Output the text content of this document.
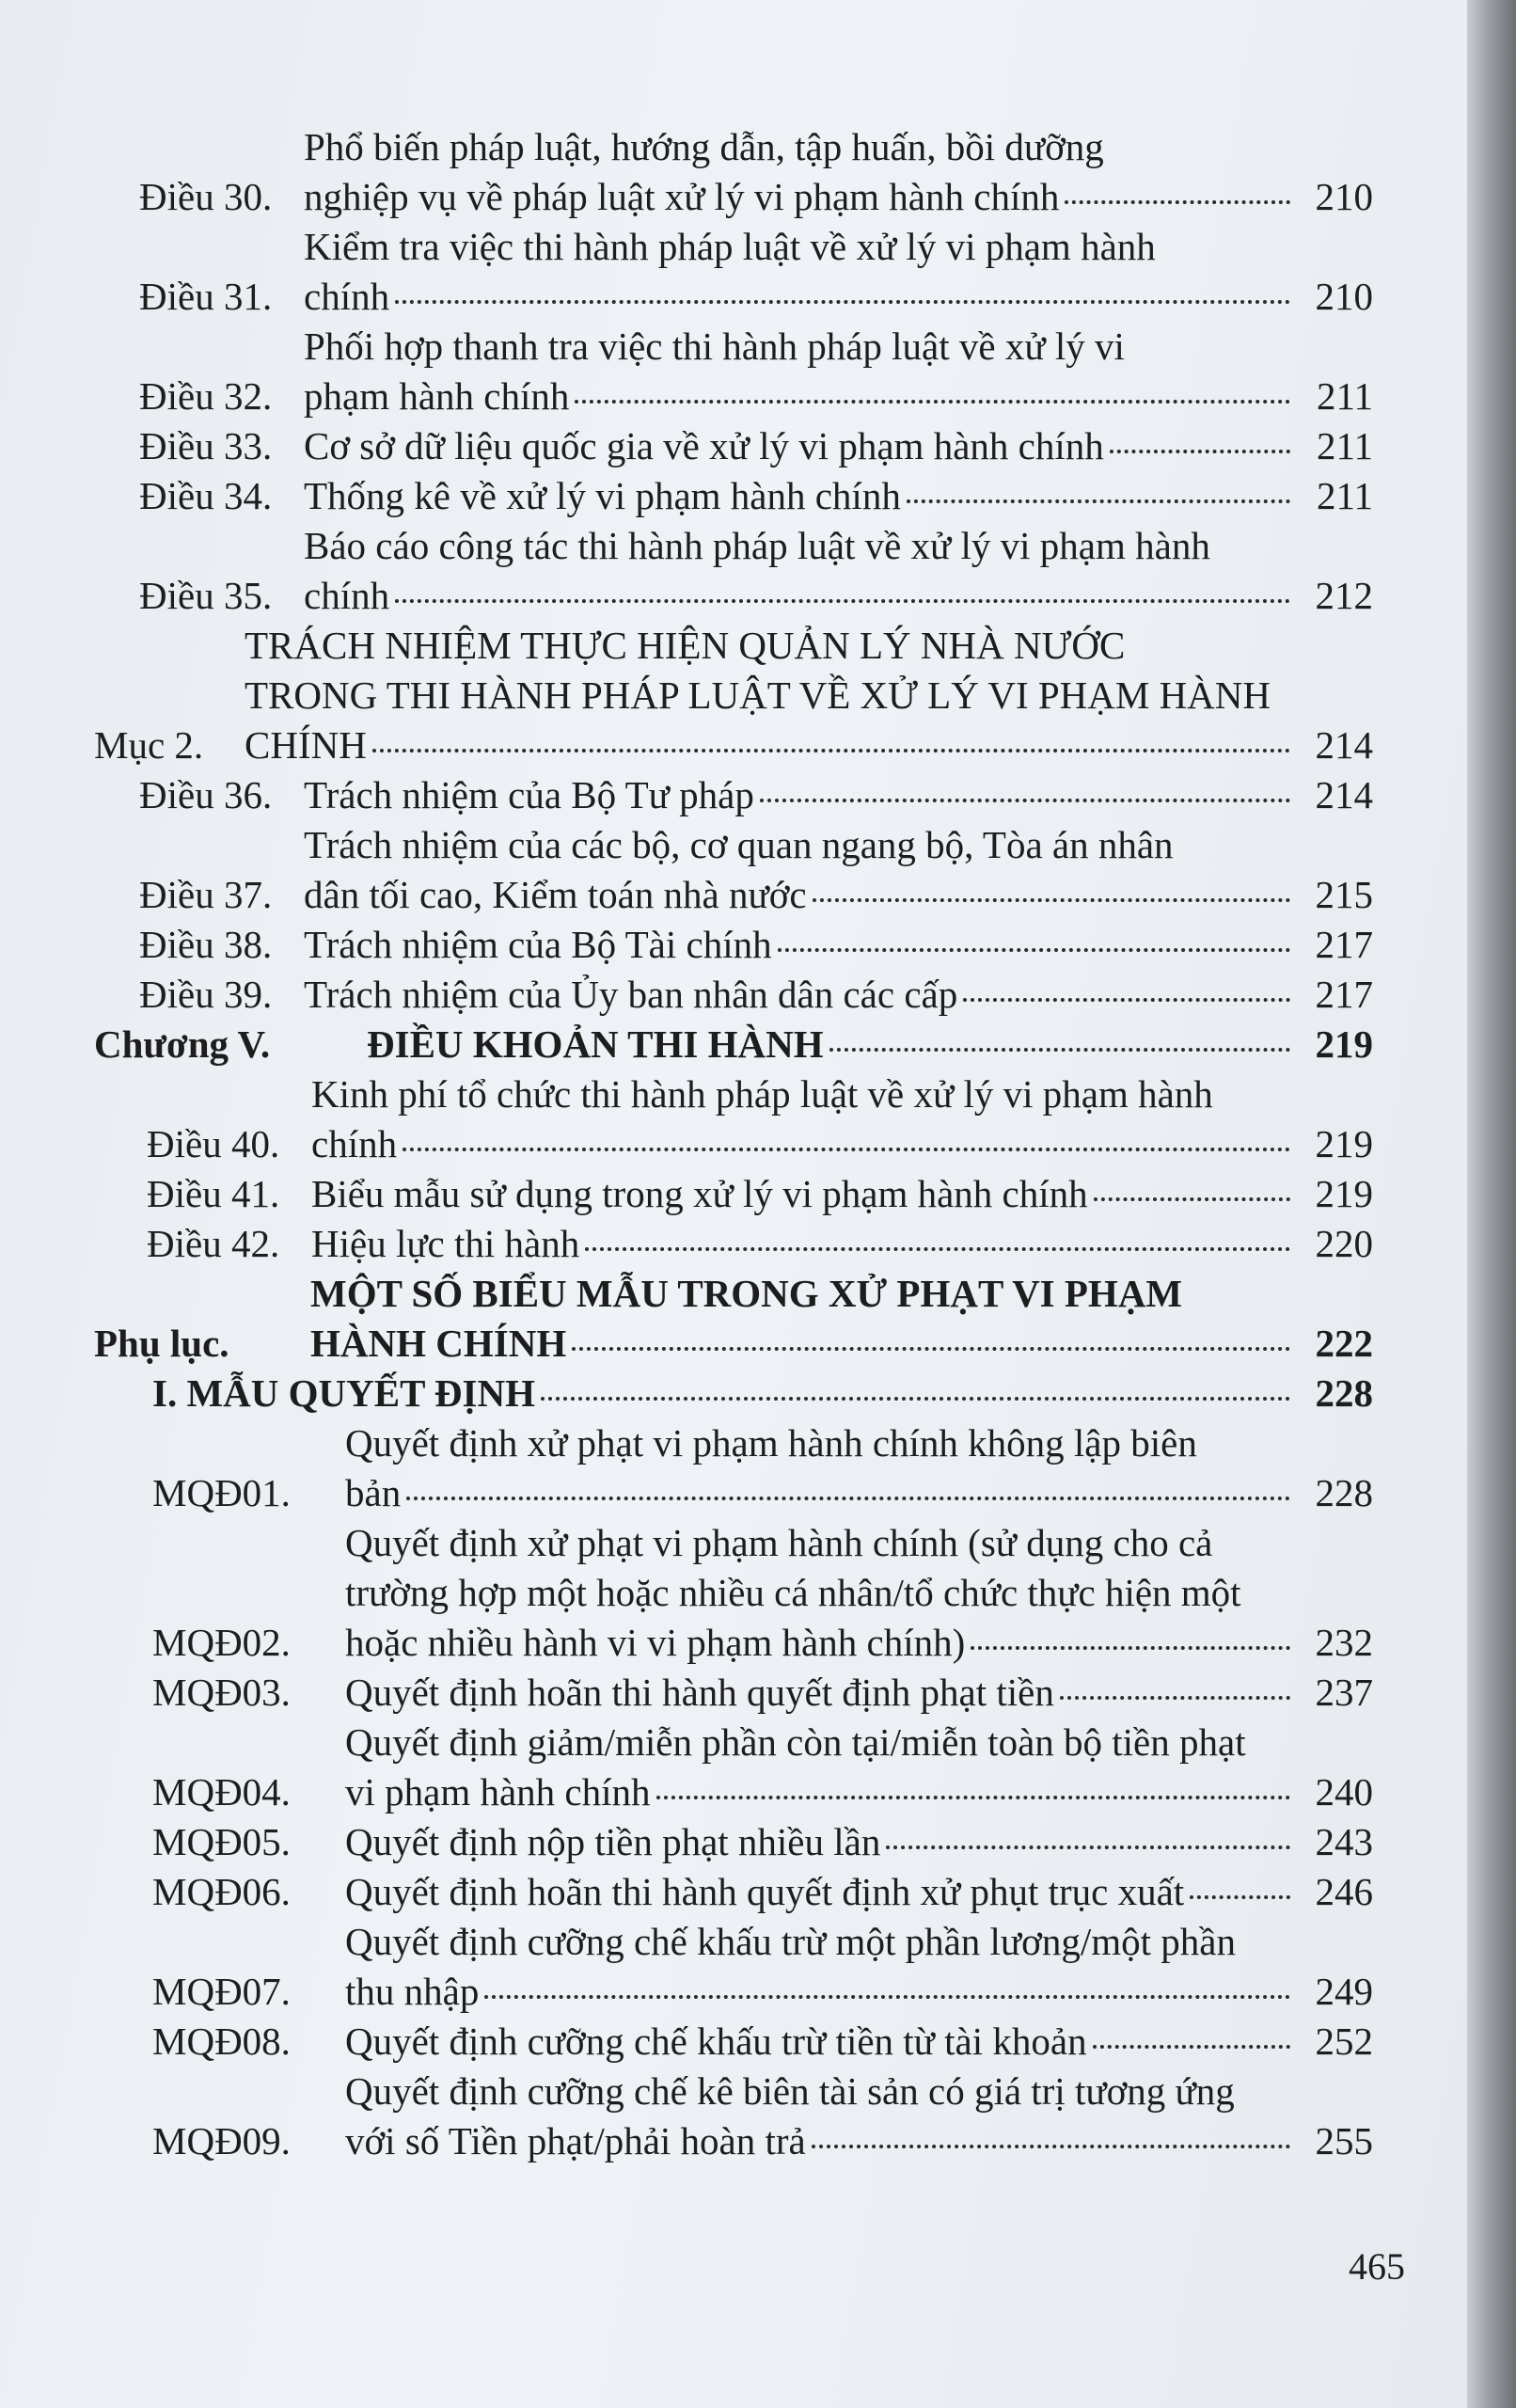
Điều 30.
Phổ biến pháp luật, hướng dẫn, tập huấn, bồi dưỡng
nghiệp vụ về pháp luật xử lý vi phạm hành chính	210
Điều 31.
Kiểm tra việc thi hành pháp luật về xử lý vi phạm hành
chính	210
Điều 32.
Phối hợp thanh tra việc thi hành pháp luật về xử lý vi
phạm hành chính	211
Điều 33. Cơ sở dữ liệu quốc gia về xử lý vi phạm hành chính	211
Điều 34. Thống kê về xử lý vi phạm hành chính	211
Điều 35.
Báo cáo công tác thi hành pháp luật về xử lý vi phạm hành
chính	212
Mục 2.
TRÁCH NHIỆM THỰC HIỆN QUẢN LÝ NHÀ NƯỚC
TRONG THI HÀNH PHÁP LUẬT VỀ XỬ LÝ VI PHẠM HÀNH
CHÍNH	214
Điều 36. Trách nhiệm của Bộ Tư pháp	214
Điều 37.
Trách nhiệm của các bộ, cơ quan ngang bộ, Tòa án nhân
dân tối cao, Kiểm toán nhà nước	215
Điều 38. Trách nhiệm của Bộ Tài chính	217
Điều 39. Trách nhiệm của Ủy ban nhân dân các cấp	217
Chương V.	ĐIỀU KHOẢN THI HÀNH	219
Điều 40.
Kinh phí tổ chức thi hành pháp luật về xử lý vi phạm hành
chính	219
Điều 41. Biểu mẫu sử dụng trong xử lý vi phạm hành chính	219
Điều 42. Hiệu lực thi hành	220
Phụ lục.
MỘT SỐ BIỂU MẪU TRONG XỬ PHẠT VI PHẠM
HÀNH CHÍNH	222
I. MẪU QUYẾT ĐỊNH	228
MQĐ01.
Quyết định xử phạt vi phạm hành chính không lập biên
bản	228
MQĐ02.
Quyết định xử phạt vi phạm hành chính (sử dụng cho cả
trường hợp một hoặc nhiều cá nhân/tổ chức thực hiện một
hoặc nhiều hành vi vi phạm hành chính)	232
MQĐ03.	Quyết định hoãn thi hành quyết định phạt tiền	237
MQĐ04.
Quyết định giảm/miễn phần còn tại/miễn toàn bộ tiền phạt
vi phạm hành chính	240
MQĐ05.	Quyết định nộp tiền phạt nhiều lần	243
MQĐ06.	Quyết định hoãn thi hành quyết định xử phụt trục xuất	246
MQĐ07.
Quyết định cưỡng chế khấu trừ một phần lương/một phần
thu nhập	249
MQĐ08.	Quyết định cưỡng chế khấu trừ tiền từ tài khoản	252
MQĐ09.
Quyết định cưỡng chế kê biên tài sản có giá trị tương ứng
với số Tiền phạt/phải hoàn trả	255
465
